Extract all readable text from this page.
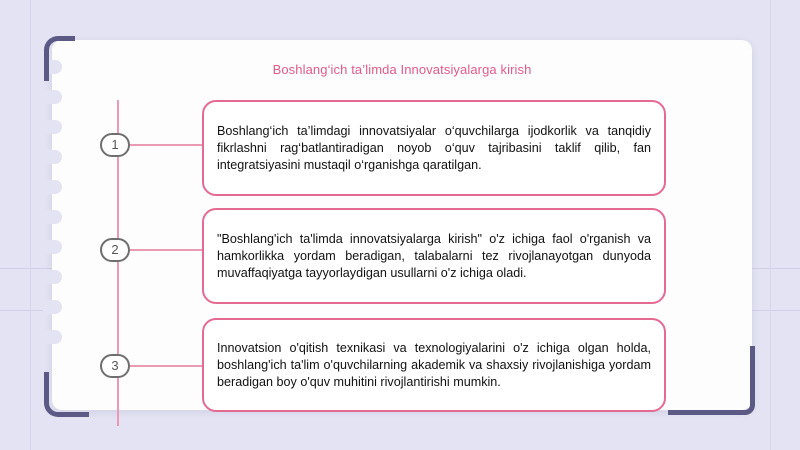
Boshlang‘ich ta’limda Innovatsiyalarga kirish
1
2
3

Boshlang‘ich ta’limdagi innovatsiyalar o‘quvchilarga ijodkorlik va tanqidiy fikrlashni rag‘batlantiradigan noyob o‘quv tajribasini taklif qilib, fan integratsiyasini mustaqil o‘rganishga qaratilgan.

"Boshlang'ich ta'limda innovatsiyalarga kirish" o'z ichiga faol o'rganish va hamkorlikka yordam beradigan, talabalarni tez rivojlanayotgan dunyoda muvaffaqiyatga tayyorlaydigan usullarni o'z ichiga oladi.

Innovatsion o'qitish texnikasi va texnologiyalarini o'z ichiga olgan holda, boshlang'ich ta'lim o'quvchilarning akademik va shaxsiy rivojlanishiga yordam beradigan boy o'quv muhitini rivojlantirishi mumkin.
